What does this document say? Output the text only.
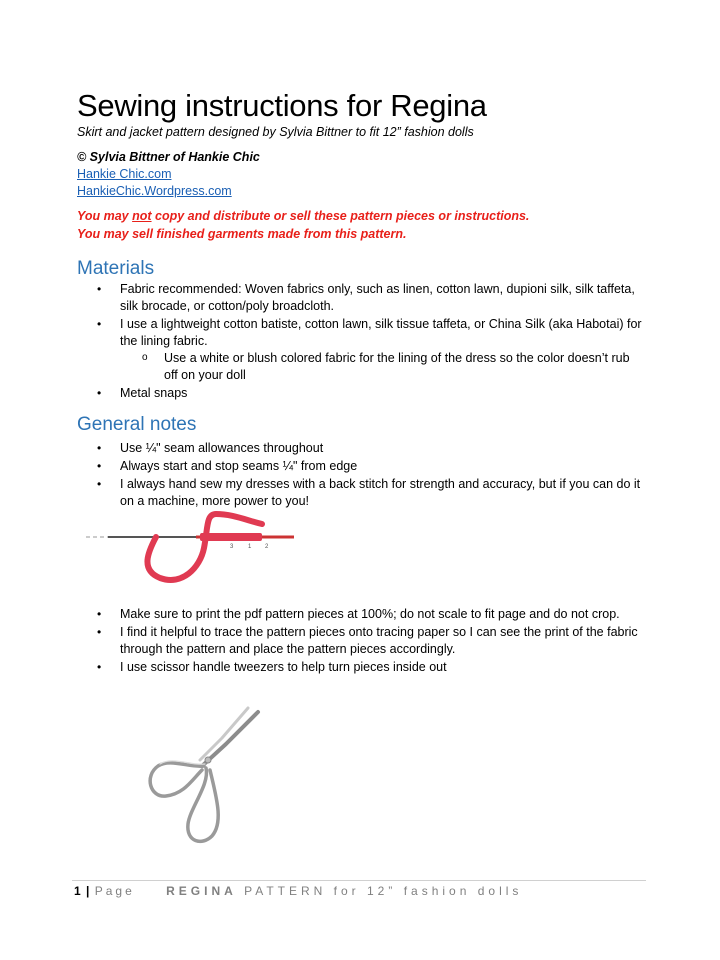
Sewing instructions for Regina
Skirt and jacket pattern designed by Sylvia Bittner to fit 12” fashion dolls
© Sylvia Bittner of Hankie Chic
Hankie Chic.com
HankieChic.Wordpress.com
You may not copy and distribute or sell these pattern pieces or instructions.
You may sell finished garments made from this pattern.
Materials
• Fabric recommended: Woven fabrics only, such as linen, cotton lawn, dupioni silk, silk taffeta, silk brocade, or cotton/poly broadcloth.
• I use a lightweight cotton batiste, cotton lawn, silk tissue taffeta, or China Silk (aka Habotai) for the lining fabric.
o Use a white or blush colored fabric for the lining of the dress so the color doesn’t rub off on your doll
• Metal snaps
General notes
• Use ¼" seam allowances throughout
• Always start and stop seams ¼" from edge
• I always hand sew my dresses with a back stitch for strength and accuracy, but if you can do it on a machine, more power to you!
3 1 2
• Make sure to print the pdf pattern pieces at 100%; do not scale to fit page and do not crop.
• I find it helpful to trace the pattern pieces onto tracing paper so I can see the print of the fabric through the pattern and place the pattern pieces accordingly.
• I use scissor handle tweezers to help turn pieces inside out
1 | Page	REGINA PATTERN for 12” fashion dolls
